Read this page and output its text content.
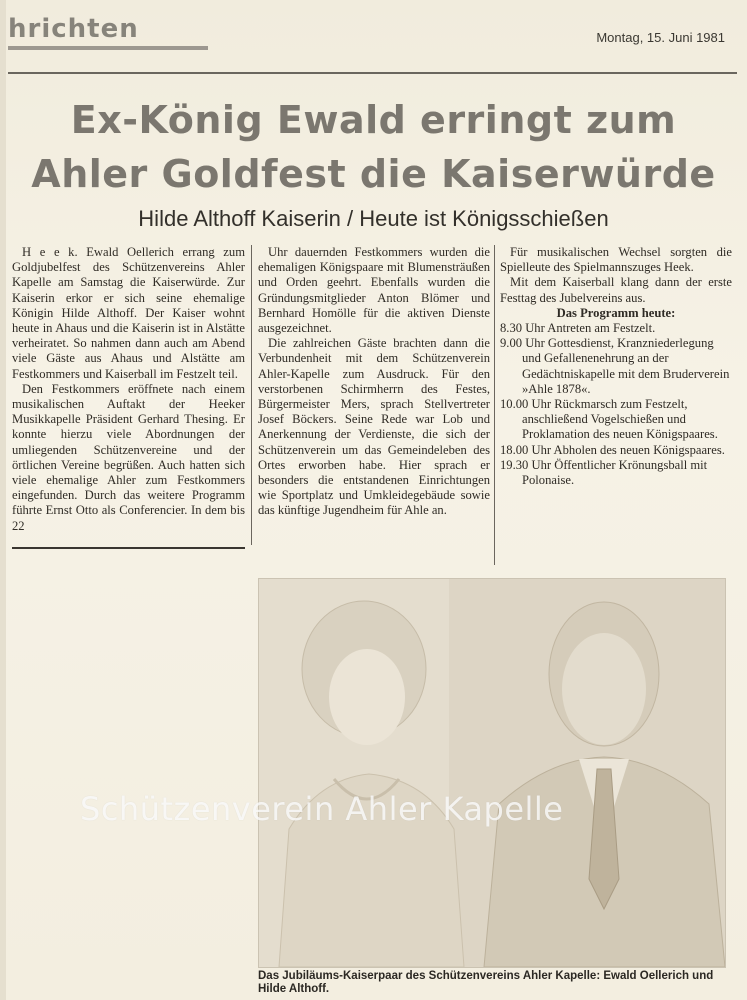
hrichten	Montag, 15. Juni 1981
Ex-König Ewald erringt zum
Ahler Goldfest die Kaiserwürde
Hilde Althoff Kaiserin / Heute ist Königsschießen

H e e k. Ewald Oellerich errang zum Goldjubelfest des Schützenvereins Ahler Kapelle am Samstag die Kaiserwürde. Zur Kaiserin erkor er sich seine ehemalige Königin Hilde Althoff. Der Kaiser wohnt heute in Ahaus und die Kaiserin ist in Alstätte verheiratet. So nahmen dann auch am Abend viele Gäste aus Ahaus und Alstätte am Festkommers und Kaiserball im Festzelt teil.

Den Festkommers eröffnete nach einem musikalischen Auftakt der Heeker Musikkapelle Präsident Gerhard Thesing. Er konnte hierzu viele Abordnungen der umliegenden Schützenvereine und der örtlichen Vereine begrüßen. Auch hatten sich viele ehemalige Ahler zum Festkommers eingefunden. Durch das weitere Programm führte Ernst Otto als Conferencier. In dem bis 22

Uhr dauernden Festkommers wurden die ehemaligen Königspaare mit Blumensträußen und Orden geehrt. Ebenfalls wurden die Gründungsmitglieder Anton Blömer und Bernhard Homölle für die aktiven Dienste ausgezeichnet.

Die zahlreichen Gäste brachten dann die Verbundenheit mit dem Schützenverein Ahler-Kapelle zum Ausdruck. Für den verstorbenen Schirmherrn des Festes, Bürgermeister Mers, sprach Stellvertreter Josef Böckers. Seine Rede war Lob und Anerkennung der Verdienste, die sich der Schützenverein um das Gemeindeleben des Ortes erworben habe. Hier sprach er besonders die entstandenen Einrichtungen wie Sportplatz und Umkleidegebäude sowie das künftige Jugendheim für Ahle an.

Für musikalischen Wechsel sorgten die Spielleute des Spielmannszuges Heek.

Mit dem Kaiserball klang dann der erste Festtag des Jubelvereins aus.

Das Programm heute:

8.30 Uhr Antreten am Festzelt.

9.00 Uhr Gottesdienst, Kranzniederlegung und Gefallenenehrung an der Gedächtniskapelle mit dem Bruderverein »Ahle 1878«.

10.00 Uhr Rückmarsch zum Festzelt, anschließend Vogelschießen und Proklamation des neuen Königspaares.

18.00 Uhr Abholen des neuen Königspaares.

19.30 Uhr Öffentlicher Krönungsball mit Polonaise.

Das Jubiläums-Kaiserpaar des Schützenvereins Ahler Kapelle: Ewald Oellerich und Hilde Althoff.
Schützenverein Ahler Kapelle
